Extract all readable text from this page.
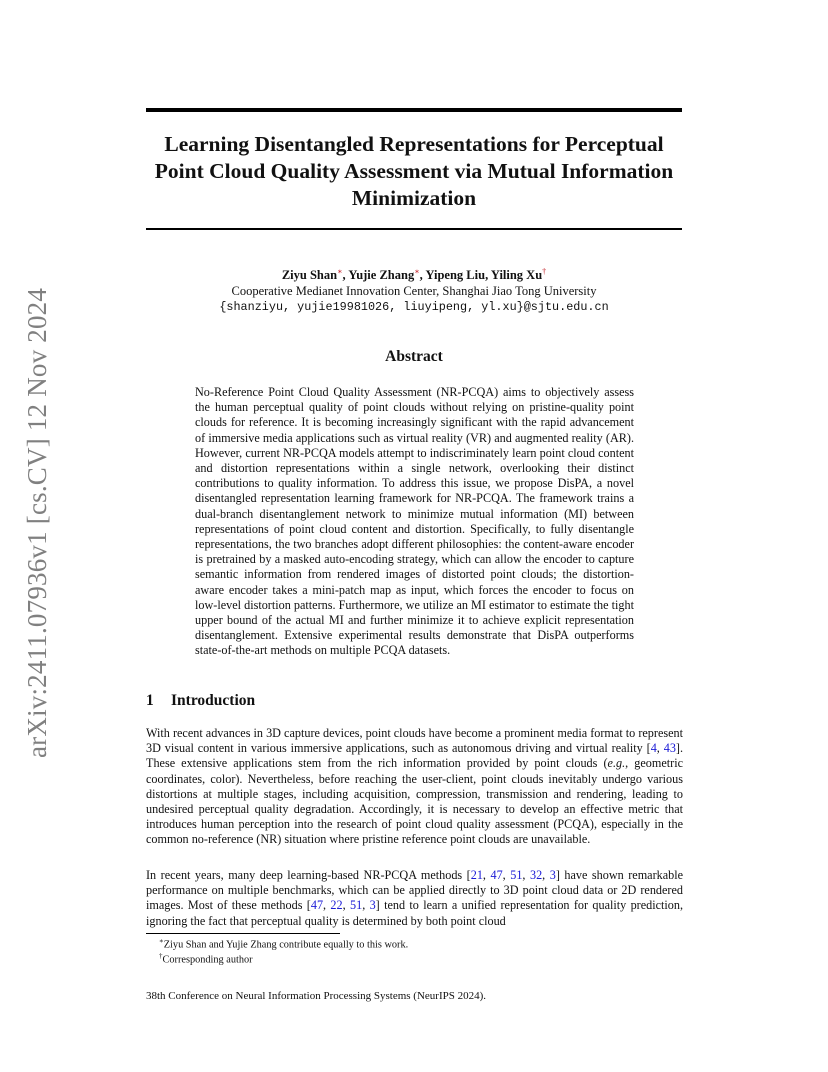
arXiv:2411.07936v1 [cs.CV] 12 Nov 2024
Learning Disentangled Representations for Perceptual Point Cloud Quality Assessment via Mutual Information Minimization
Ziyu Shan∗, Yujie Zhang∗, Yipeng Liu, Yiling Xu†
Cooperative Medianet Innovation Center, Shanghai Jiao Tong University
{shanziyu, yujie19981026, liuyipeng, yl.xu}@sjtu.edu.cn
Abstract
No-Reference Point Cloud Quality Assessment (NR-PCQA) aims to objectively assess the human perceptual quality of point clouds without relying on pristine-quality point clouds for reference. It is becoming increasingly significant with the rapid advancement of immersive media applications such as virtual reality (VR) and augmented reality (AR). However, current NR-PCQA models attempt to indiscriminately learn point cloud content and distortion representations within a single network, overlooking their distinct contributions to quality information. To address this issue, we propose DisPA, a novel disentangled representation learning framework for NR-PCQA. The framework trains a dual-branch disentanglement network to minimize mutual information (MI) between representations of point cloud content and distortion. Specifically, to fully disentangle representations, the two branches adopt different philosophies: the content-aware encoder is pretrained by a masked auto-encoding strategy, which can allow the encoder to capture semantic information from rendered images of distorted point clouds; the distortion-aware encoder takes a mini-patch map as input, which forces the encoder to focus on low-level distortion patterns. Furthermore, we utilize an MI estimator to estimate the tight upper bound of the actual MI and further minimize it to achieve explicit representation disentanglement. Extensive experimental results demonstrate that DisPA outperforms state-of-the-art methods on multiple PCQA datasets.
1 Introduction

With recent advances in 3D capture devices, point clouds have become a prominent media format to represent 3D visual content in various immersive applications, such as autonomous driving and virtual reality [4, 43]. These extensive applications stem from the rich information provided by point clouds (e.g., geometric coordinates, color). Nevertheless, before reaching the user-client, point clouds inevitably undergo various distortions at multiple stages, including acquisition, compression, transmission and rendering, leading to undesired perceptual quality degradation. Accordingly, it is necessary to develop an effective metric that introduces human perception into the research of point cloud quality assessment (PCQA), especially in the common no-reference (NR) situation where pristine reference point clouds are unavailable.

In recent years, many deep learning-based NR-PCQA methods [21, 47, 51, 32, 3] have shown remarkable performance on multiple benchmarks, which can be applied directly to 3D point cloud data or 2D rendered images. Most of these methods [47, 22, 51, 3] tend to learn a unified representation for quality prediction, ignoring the fact that perceptual quality is determined by both point cloud

∗Ziyu Shan and Yujie Zhang contribute equally to this work.
†Corresponding author
38th Conference on Neural Information Processing Systems (NeurIPS 2024).
